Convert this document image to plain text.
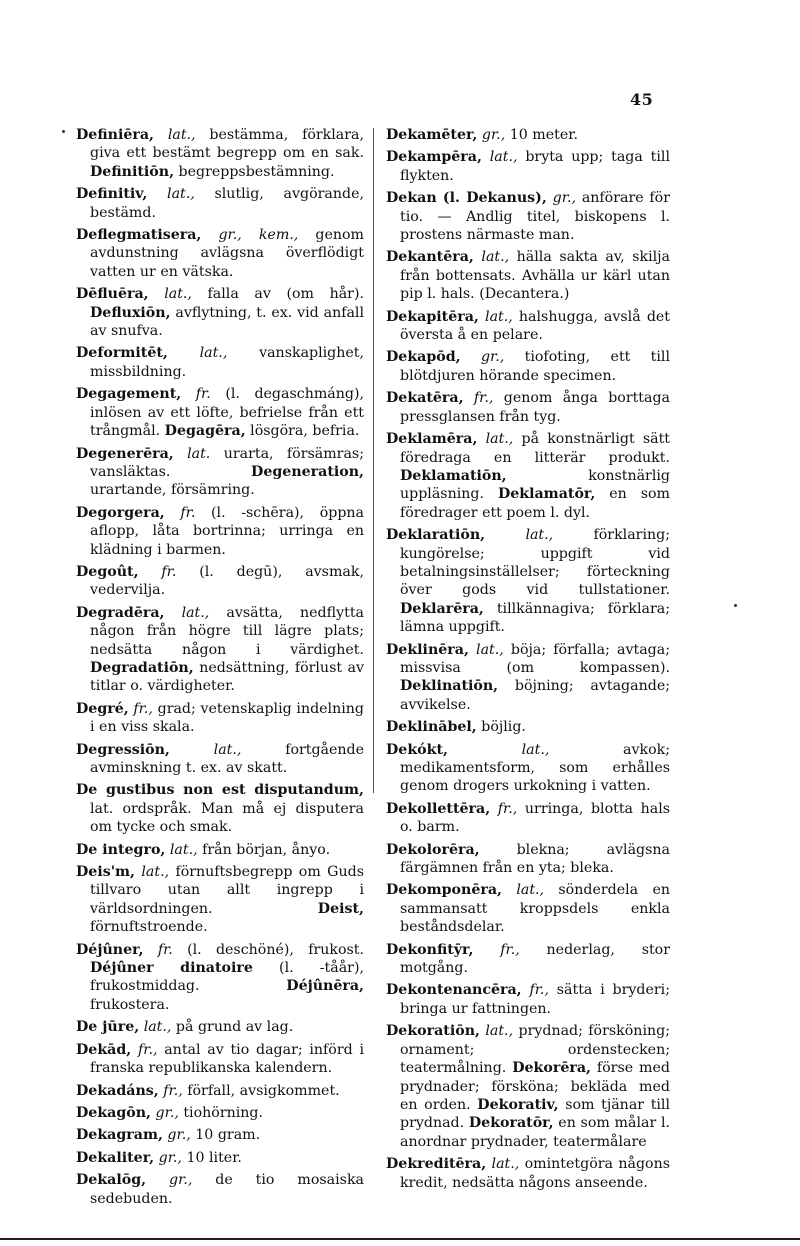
45
Definiēra, lat., bestämma, förklara, giva ett bestämt begrepp om en sak. Definitiōn, begreppsbestämning.
Definitiv, lat., slutlig, avgörande, bestämd.
Deflegmatisera, gr., kem., genom avdunstning avlägsna överflödigt vatten ur en vätska.
Dēfluēra, lat., falla av (om hår). Defluxiōn, avflytning, t. ex. vid anfall av snufva.
Deformitēt, lat., vanskaplighet, missbildning.
Degagement, fr. (l. degaschmáng), inlösen av ett löfte, befrielse från ett trångmål. Degagēra, lösgöra, befria.
Degenerēra, lat. urarta, försämras; vansläktas.	Degeneration, urartande, försämring.
Degorgera, fr. (l. -schēra), öppna aflopp, låta bortrinna; urringa en klädning i barmen.
Degoût, fr. (l. degū), avsmak, vedervilja.
Degradēra, lat., avsätta, nedflytta någon från högre till lägre plats; nedsätta någon i värdighet. Degradatiōn, nedsättning, förlust av titlar o. värdigheter.
Degré, fr., grad; vetenskaplig indelning i en viss skala.
Degressiōn,	lat.,	fortgående avminskning t. ex. av skatt.
De gustibus non est disputandum, lat. ordspråk. Man må ej disputera om tycke och smak.
De integro, lat., från början, ånyo.
Deis'm, lat., förnuftsbegrepp om Guds tillvaro utan allt ingrepp i världsordningen.	Deist, förnuftstroende.
Déjûner, fr. (l. deschöné), frukost. Déjûner dinatoire (l. -tåår), frukostmiddag.	Déjûnēra, frukostera.
De jūre, lat., på grund av lag.
Dekād, fr., antal av tio dagar; införd i franska republikanska kalendern.
Dekadáns, fr., förfall, avsigkommet.
Dekagōn, gr., tiohörning.
Dekagram, gr., 10 gram.
Dekaliter, gr., 10 liter.
Dekalōg, gr., de tio mosaiska sedebuden.
Dekamēter, gr., 10 meter.
Dekampēra, lat., bryta upp; taga till flykten.
Dekan (l. Dekanus), gr., anförare för tio. — Andlig titel, biskopens l. prostens närmaste man.
Dekantēra, lat., hälla sakta av, skilja från bottensats. Avhälla ur kärl utan pip l. hals. (Decantera.)
Dekapitēra, lat., halshugga, avslå det översta å en pelare.
Dekapōd, gr., tiofoting, ett till blötdjuren hörande specimen.
Dekatēra, fr., genom ånga borttaga pressglansen från tyg.
Deklamēra, lat., på konstnärligt sätt föredraga en litterär produkt. Deklamatiōn,	konstnärlig uppläsning. Deklamatōr, en som föredrager ett poem l. dyl.
Deklaratiōn,	lat.,	förklaring; kungörelse; uppgift vid betalningsinställelser; förteckning över gods vid tullstationer. Deklarēra, tillkännagiva; förklara; lämna uppgift.
Deklinēra, lat., böja; förfalla; avtaga; missvisa (om kompassen). Deklinatiōn, böjning; avtagande; avvikelse.
Deklinābel, böjlig.
Dekókt,	lat.,	avkok; medikamentsform, som erhålles genom drogers urkokning i vatten.
Dekollettēra, fr., urringa, blotta hals o. barm.
Dekolorēra,	blekna; avlägsna färgämnen från en yta; bleka.
Dekomponēra, lat., sönderdela en sammansatt kroppsdels enkla beståndsdelar.
Dekonfitȳr, fr., nederlag, stor motgång.
Dekontenancēra, fr., sätta i bryderi; bringa ur fattningen.
Dekoratiōn, lat., prydnad; försköning; ornament; ordenstecken; teatermålning. Dekorēra, förse med prydnader; försköna; bekläda med en orden. Dekorativ, som tjänar till prydnad. Dekoratōr, en som målar l. anordnar prydnader, teatermålare
Dekreditēra, lat., omintetgöra någons kredit, nedsätta någons anseende.
